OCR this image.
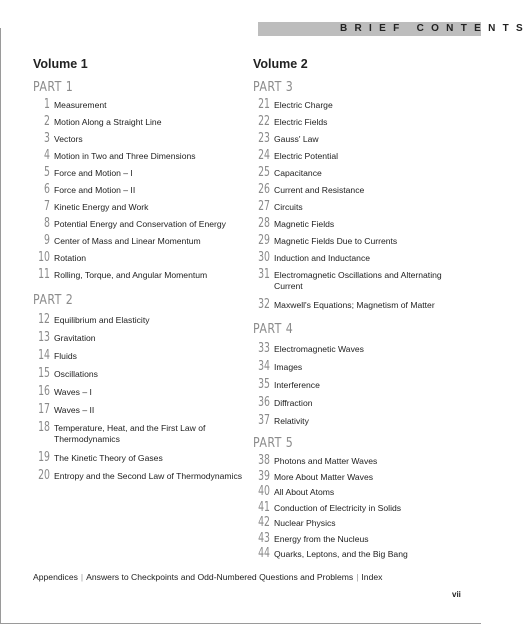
BRIEF CONTENTS
Volume 1
PART 1
1 Measurement
2 Motion Along a Straight Line
3 Vectors
4 Motion in Two and Three Dimensions
5 Force and Motion – I
6 Force and Motion – II
7 Kinetic Energy and Work
8 Potential Energy and Conservation of Energy
9 Center of Mass and Linear Momentum
10 Rotation
11 Rolling, Torque, and Angular Momentum
PART 2
12 Equilibrium and Elasticity
13 Gravitation
14 Fluids
15 Oscillations
16 Waves – I
17 Waves – II
18 Temperature, Heat, and the First Law of
Thermodynamics
19 The Kinetic Theory of Gases
20 Entropy and the Second Law of Thermodynamics
Volume 2
PART 3
21 Electric Charge
22 Electric Fields
23 Gauss' Law
24 Electric Potential
25 Capacitance
26 Current and Resistance
27 Circuits
28 Magnetic Fields
29 Magnetic Fields Due to Currents
30 Induction and Inductance
31 Electromagnetic Oscillations and Alternating
Current
32 Maxwell's Equations; Magnetism of Matter
PART 4
33 Electromagnetic Waves
34 Images
35 Interference
36 Diffraction
37 Relativity
PART 5
38 Photons and Matter Waves
39 More About Matter Waves
40 All About Atoms
41 Conduction of Electricity in Solids
42 Nuclear Physics
43 Energy from the Nucleus
44 Quarks, Leptons, and the Big Bang
Appendices | Answers to Checkpoints and Odd-Numbered Questions and Problems | Index
vii
